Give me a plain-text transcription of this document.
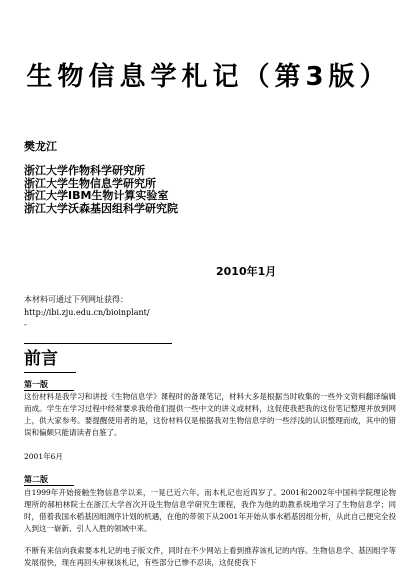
生物信息学札记（第3版）
樊龙江
浙江大学作物科学研究所
浙江大学生物信息学研究所
浙江大学IBM生物计算实验室
浙江大学沃森基因组科学研究院
2010年1月
本材料可通过下列网址获得：
http://ibi.zju.edu.cn/bioinplant/
-
前言
第一版

这份材料是我学习和讲授《生物信息学》课程时的备课笔记，材料大多是根据当时收集的一些外文资料翻译编辑而成。学生在学习过程中经常要求我给他们提供一些中文的讲义或材料，这促使我把我的这份笔记整理并放到网上，供大家参考。要提醒使用者的是，这份材料仅是根据我对生物信息学的一些浮浅的认识整理而成，其中的错误和偏颇只能请读者自鉴了。

2001年6月

第二版

自1999年开始接触生物信息学以来，一晃已近六年。而本札记也近四岁了。2001和2002年中国科学院理论物理所的郝柏林院士在浙江大学首次开设生物信息学研究生课程，我作为他的助教系统地学习了生物信息学；同时，借着我国水稻基因组测序计划的机遇，在他的带领下从2001年开始从事水稻基因组分析，从此自己便完全投入到这一崭新、引人入胜的领域中来。

不断有来信向我索要本札记的电子版文件，同时在不少网站上看到推荐该札记的内容。生物信息学、基因组学等发展很快，现在再回头审视该札记，有些部分已惨不忍读，这促使我下
